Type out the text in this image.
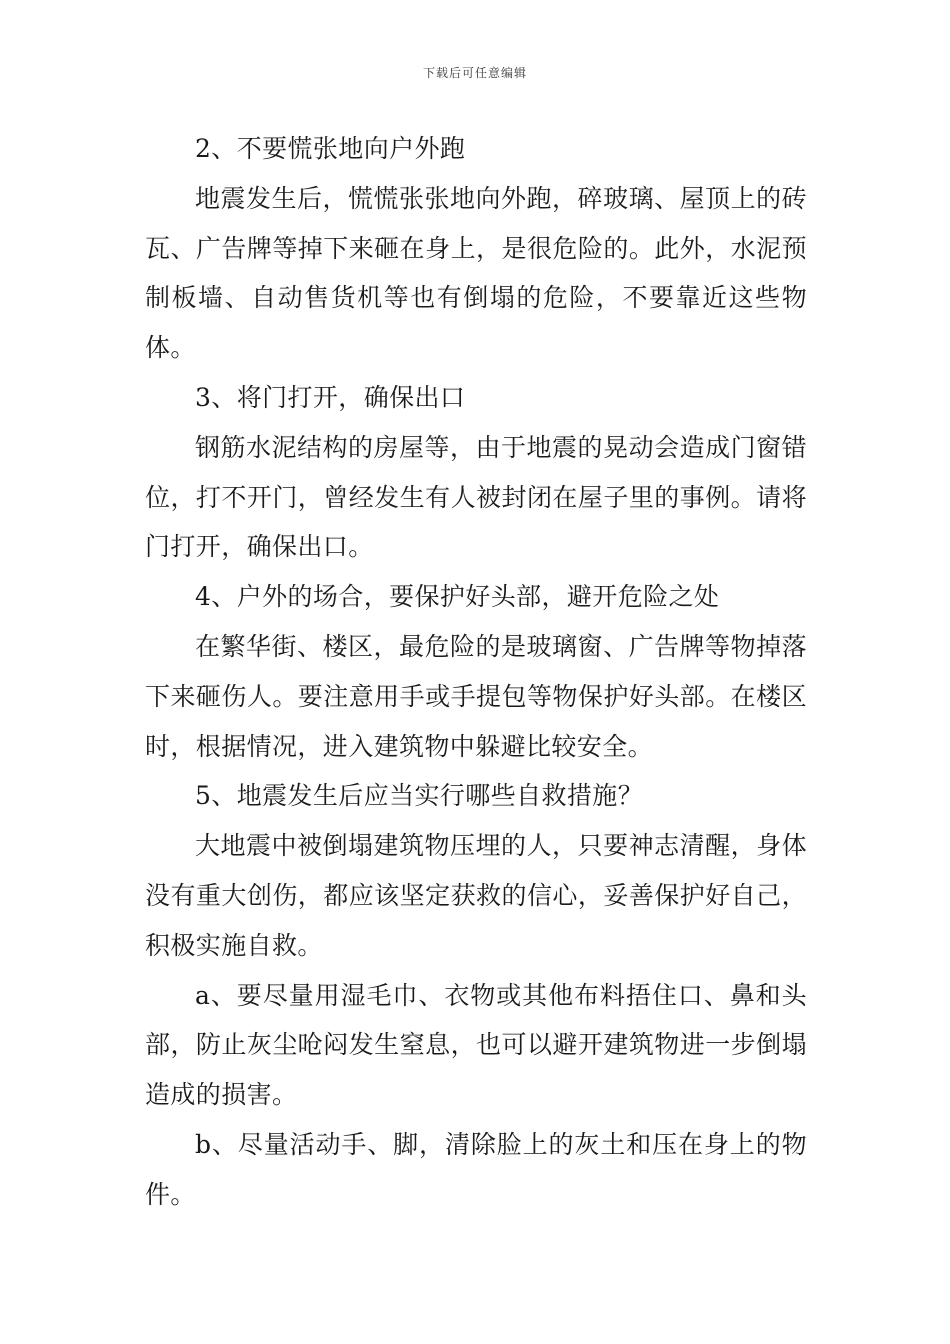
下载后可任意编辑

2、不要慌张地向户外跑

地震发生后，慌慌张张地向外跑，碎玻璃、屋顶上的砖瓦、广告牌等掉下来砸在身上，是很危险的。此外，水泥预制板墙、自动售货机等也有倒塌的危险，不要靠近这些物体。

3、将门打开，确保出口

钢筋水泥结构的房屋等，由于地震的晃动会造成门窗错位，打不开门，曾经发生有人被封闭在屋子里的事例。请将门打开，确保出口。

4、户外的场合，要保护好头部，避开危险之处

在繁华街、楼区，最危险的是玻璃窗、广告牌等物掉落下来砸伤人。要注意用手或手提包等物保护好头部。在楼区时，根据情况，进入建筑物中躲避比较安全。

5、地震发生后应当实行哪些自救措施？

大地震中被倒塌建筑物压埋的人，只要神志清醒，身体没有重大创伤，都应该坚定获救的信心，妥善保护好自己，积极实施自救。

a、要尽量用湿毛巾、衣物或其他布料捂住口、鼻和头部，防止灰尘呛闷发生窒息，也可以避开建筑物进一步倒塌造成的损害。

b、尽量活动手、脚，清除脸上的灰土和压在身上的物件。
